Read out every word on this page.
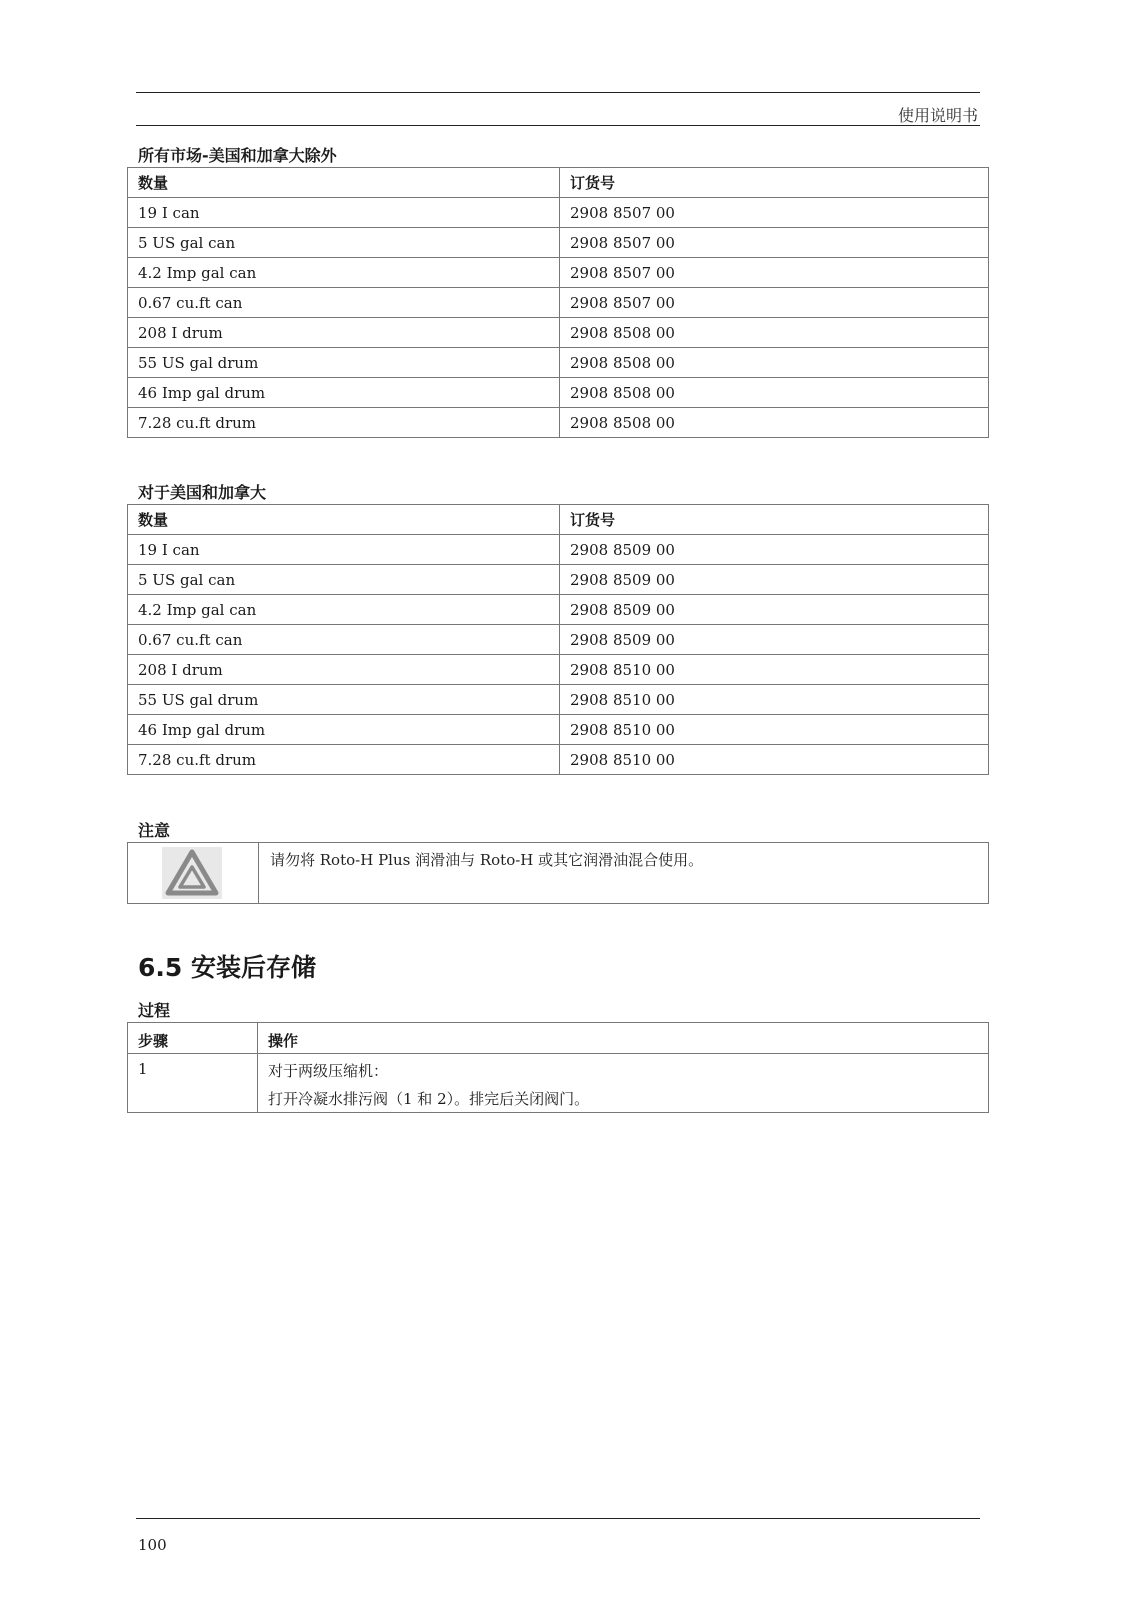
使用说明书
所有市场-美国和加拿大除外
数量	订货号
19 I can	2908 8507 00
5 US gal can	2908 8507 00
4.2 Imp gal can	2908 8507 00
0.67 cu.ft can	2908 8507 00
208 I drum	2908 8508 00
55 US gal drum	2908 8508 00
46 Imp gal drum	2908 8508 00
7.28 cu.ft drum	2908 8508 00
对于美国和加拿大
数量	订货号
19 I can	2908 8509 00
5 US gal can	2908 8509 00
4.2 Imp gal can	2908 8509 00
0.67 cu.ft can	2908 8509 00
208 I drum	2908 8510 00
55 US gal drum	2908 8510 00
46 Imp gal drum	2908 8510 00
7.28 cu.ft drum	2908 8510 00
注意
请勿将 Roto-H Plus 润滑油与 Roto-H 或其它润滑油混合使用。
6.5 安装后存储
过程
步骤	操作
1	对于两级压缩机：
打开冷凝水排污阀（1 和 2）。排完后关闭阀门。
100
